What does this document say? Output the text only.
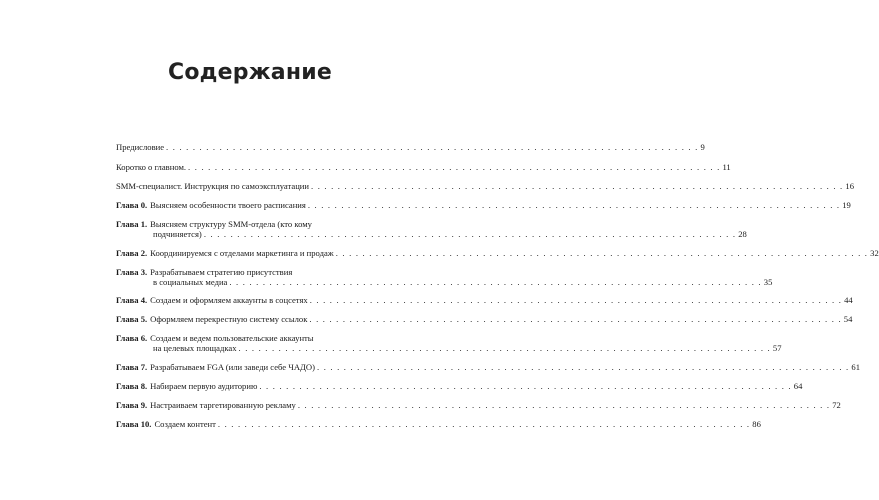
Содержание
Предисловие . . .	9
Коротко о главном. . . .	11
SMM-специалист. Инструкция по самоэксплуатации . . .	16
Глава 0. Выясняем особенности твоего расписания . . .	19
Глава 1. Выясняем структуру SMM-отдела (кто кому
подчиняется) . . .	28
Глава 2. Координируемся с отделами маркетинга и продаж . . .	32
Глава 3. Разрабатываем стратегию присутствия
в социальных медиа . . .	35
Глава 4. Создаем и оформляем аккаунты в соцсетях . . .	44
Глава 5. Оформляем перекрестную систему ссылок . . .	54
Глава 6. Создаем и ведем пользовательские аккаунты
на целевых площадках . . .	57
Глава 7. Разрабатываем FGA (или заведи себе ЧАДО) . . .	61
Глава 8. Набираем первую аудиторию . . .	64
Глава 9. Настраиваем таргетированную рекламу . . .	72
Глава 10. Создаем контент . . .	86
